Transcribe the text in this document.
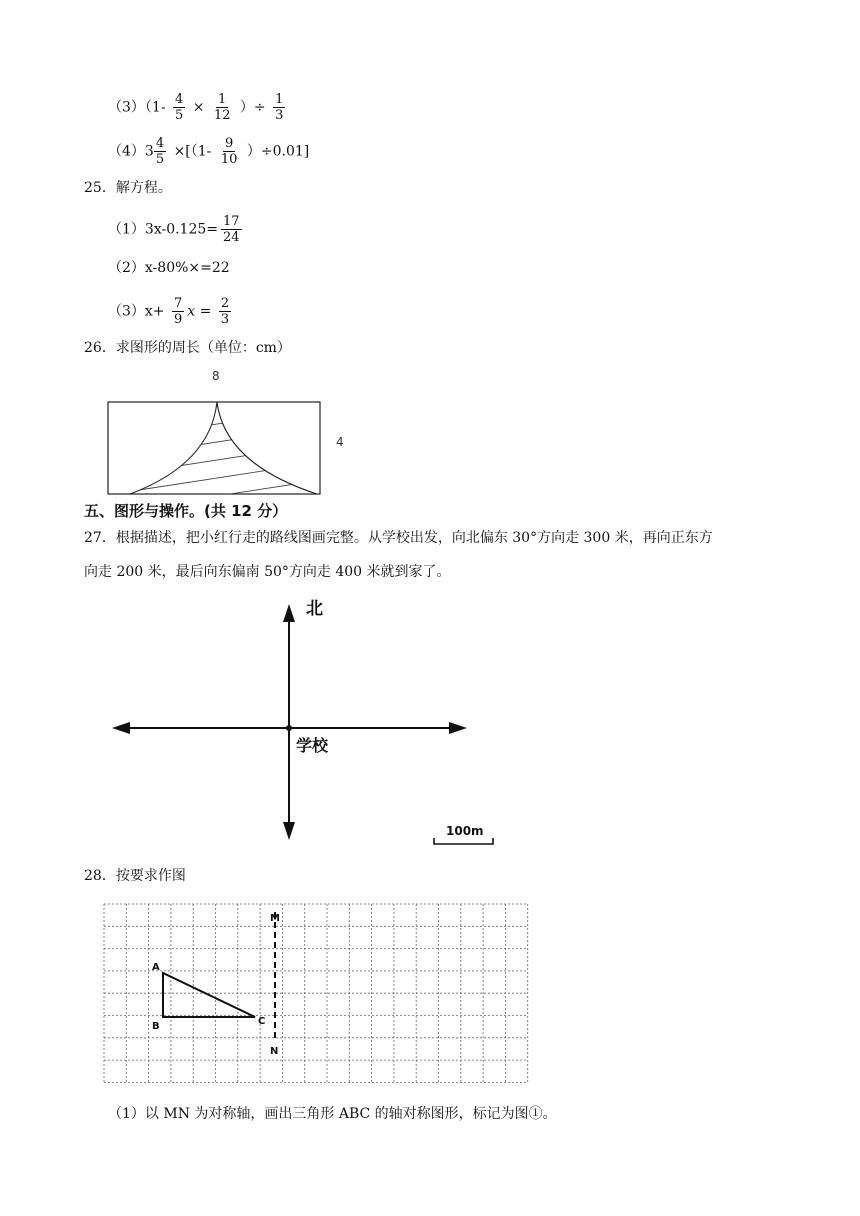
$(3)(1- \frac{4}{5} \times \frac{1}{12}$ ）÷ $\frac{1}{3}$
$(4)3 \frac{4}{5} \times[(1- \frac{9}{10} )\div 0.01]$
25．解方程。
$(1)3x-0.125= \frac{17}{24}$
（2）x-80%×=22
$(3)x+ \frac{7}{9}$ $x = \frac{2}{3}$
26．求图形的周长（单位：cm）
8
4
五、图形与操作。(共 12 分）
27．根据描述，把小红行走的路线图画完整。从学校出发，向北偏东 30°方向走 300 米，再向正东方
向走 200 米，最后向东偏南 50°方向走 400 米就到家了。
北
学校
100m
28．按要求作图
M
N
A
B	C
（1）以 MN 为对称轴，画出三角形 ABC 的轴对称图形，标记为图①。
